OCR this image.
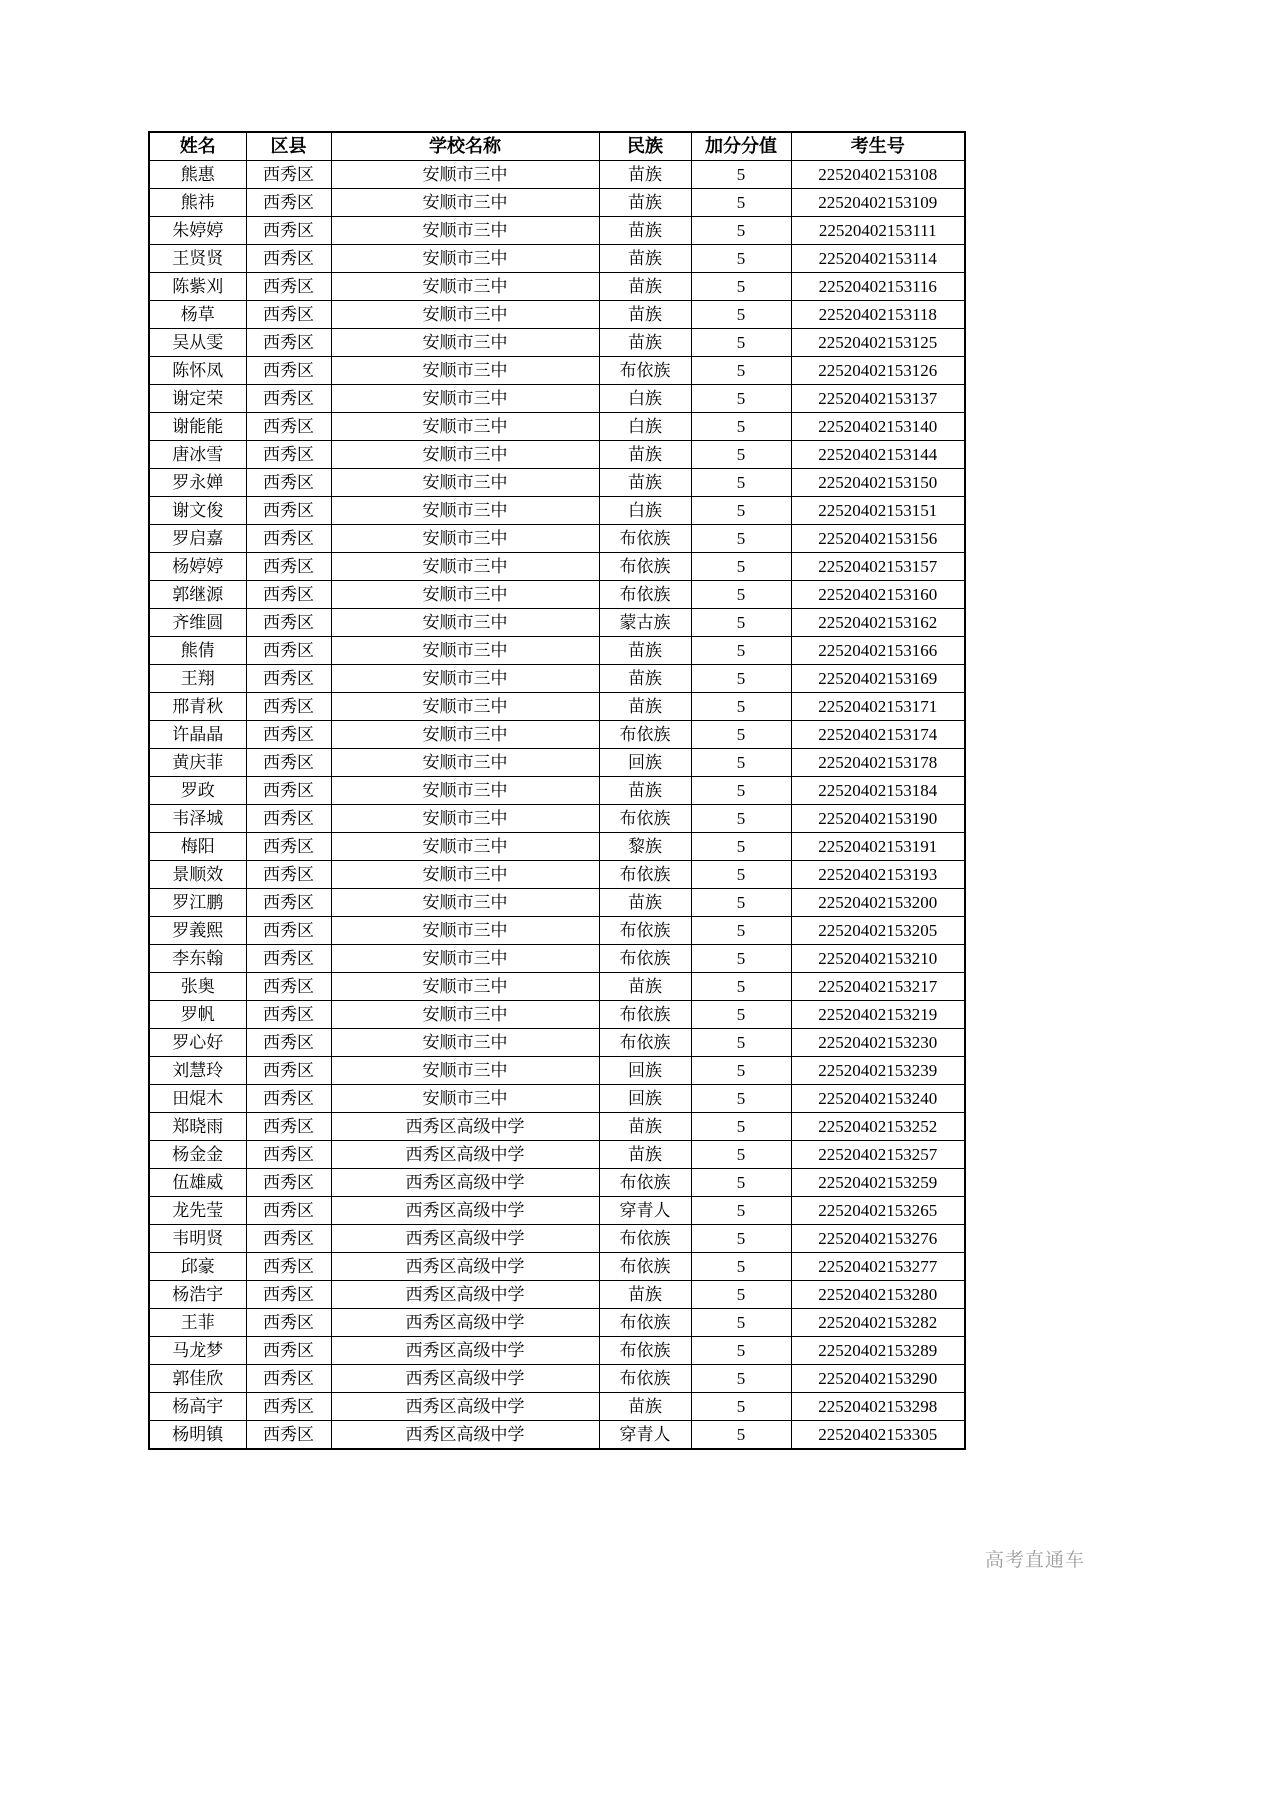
姓名	区县	学校名称	民族	加分分值	考生号
熊惠	西秀区	安顺市三中	苗族	5	22520402153108
熊祎	西秀区	安顺市三中	苗族	5	22520402153109
朱婷婷	西秀区	安顺市三中	苗族	5	22520402153111
王贤贤	西秀区	安顺市三中	苗族	5	22520402153114
陈紫刈	西秀区	安顺市三中	苗族	5	22520402153116
杨草	西秀区	安顺市三中	苗族	5	22520402153118
吴从雯	西秀区	安顺市三中	苗族	5	22520402153125
陈怀凤	西秀区	安顺市三中	布依族	5	22520402153126
谢定荣	西秀区	安顺市三中	白族	5	22520402153137
谢能能	西秀区	安顺市三中	白族	5	22520402153140
唐冰雪	西秀区	安顺市三中	苗族	5	22520402153144
罗永婵	西秀区	安顺市三中	苗族	5	22520402153150
谢文俊	西秀区	安顺市三中	白族	5	22520402153151
罗启嘉	西秀区	安顺市三中	布依族	5	22520402153156
杨婷婷	西秀区	安顺市三中	布依族	5	22520402153157
郭继源	西秀区	安顺市三中	布依族	5	22520402153160
齐维圆	西秀区	安顺市三中	蒙古族	5	22520402153162
熊倩	西秀区	安顺市三中	苗族	5	22520402153166
王翔	西秀区	安顺市三中	苗族	5	22520402153169
邢青秋	西秀区	安顺市三中	苗族	5	22520402153171
许晶晶	西秀区	安顺市三中	布依族	5	22520402153174
黄庆菲	西秀区	安顺市三中	回族	5	22520402153178
罗政	西秀区	安顺市三中	苗族	5	22520402153184
韦泽城	西秀区	安顺市三中	布依族	5	22520402153190
梅阳	西秀区	安顺市三中	黎族	5	22520402153191
景顺效	西秀区	安顺市三中	布依族	5	22520402153193
罗江鹏	西秀区	安顺市三中	苗族	5	22520402153200
罗義熙	西秀区	安顺市三中	布依族	5	22520402153205
李东翰	西秀区	安顺市三中	布依族	5	22520402153210
张奥	西秀区	安顺市三中	苗族	5	22520402153217
罗帆	西秀区	安顺市三中	布依族	5	22520402153219
罗心好	西秀区	安顺市三中	布依族	5	22520402153230
刘慧玲	西秀区	安顺市三中	回族	5	22520402153239
田焜木	西秀区	安顺市三中	回族	5	22520402153240
郑晓雨	西秀区	西秀区高级中学	苗族	5	22520402153252
杨金金	西秀区	西秀区高级中学	苗族	5	22520402153257
伍雄威	西秀区	西秀区高级中学	布依族	5	22520402153259
龙先莹	西秀区	西秀区高级中学	穿青人	5	22520402153265
韦明贤	西秀区	西秀区高级中学	布依族	5	22520402153276
邱豪	西秀区	西秀区高级中学	布依族	5	22520402153277
杨浩宇	西秀区	西秀区高级中学	苗族	5	22520402153280
王菲	西秀区	西秀区高级中学	布依族	5	22520402153282
马龙梦	西秀区	西秀区高级中学	布依族	5	22520402153289
郭佳欣	西秀区	西秀区高级中学	布依族	5	22520402153290
杨高宇	西秀区	西秀区高级中学	苗族	5	22520402153298
杨明镇	西秀区	西秀区高级中学	穿青人	5	22520402153305
高考直通车
